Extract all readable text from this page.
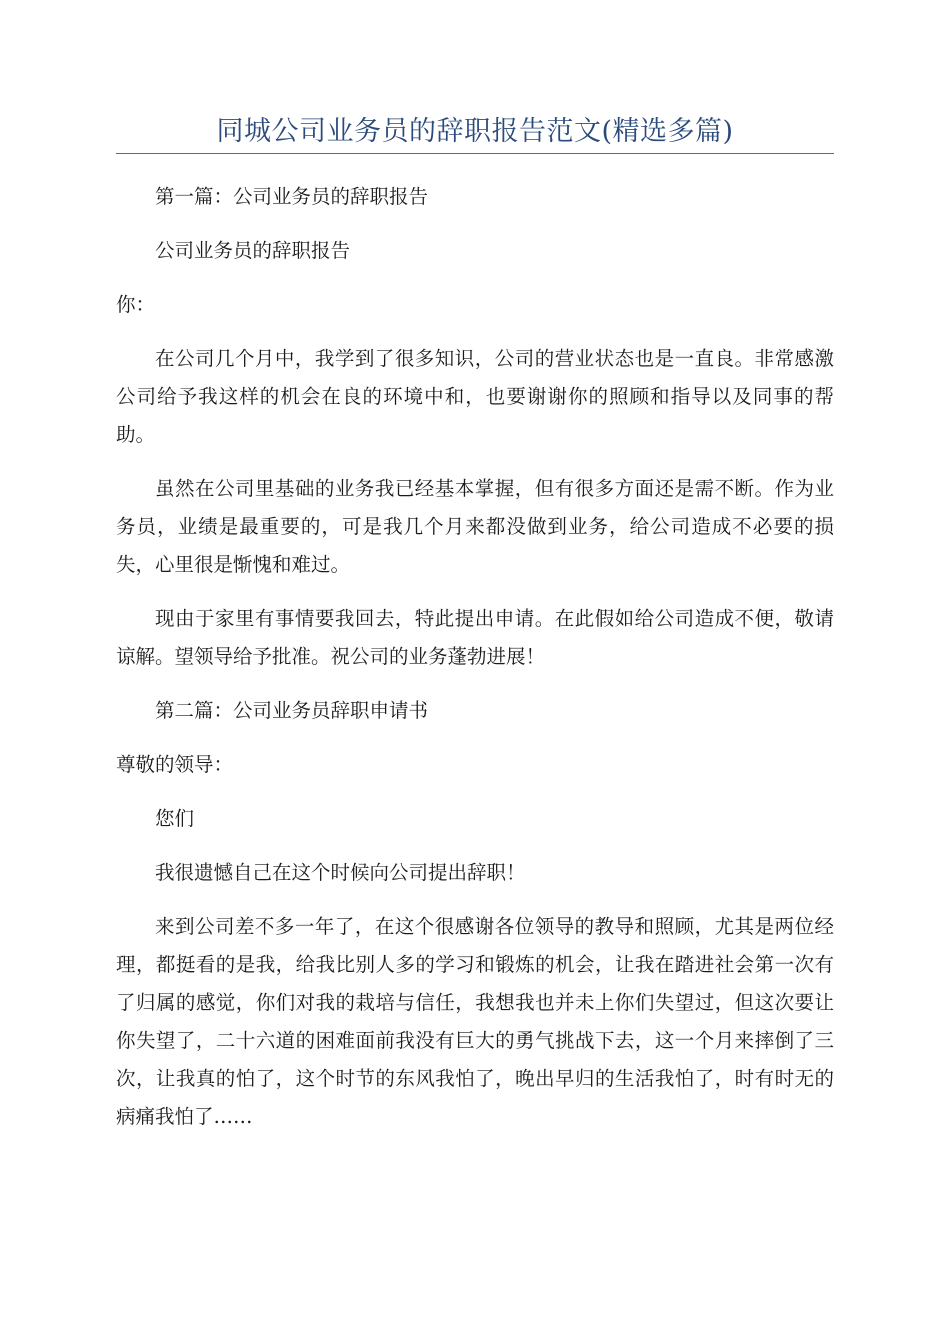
同城公司业务员的辞职报告范文(精选多篇)

第一篇：公司业务员的辞职报告

公司业务员的辞职报告

你：

在公司几个月中，我学到了很多知识，公司的营业状态也是一直良。非常感激公司给予我这样的机会在良的环境中和，也要谢谢你的照顾和指导以及同事的帮助。

虽然在公司里基础的业务我已经基本掌握，但有很多方面还是需不断。作为业务员，业绩是最重要的，可是我几个月来都没做到业务，给公司造成不必要的损失，心里很是惭愧和难过。

现由于家里有事情要我回去，特此提出申请。在此假如给公司造成不便，敬请谅解。望领导给予批准。祝公司的业务蓬勃进展！

第二篇：公司业务员辞职申请书

尊敬的领导：

您们

我很遗憾自己在这个时候向公司提出辞职！

来到公司差不多一年了，在这个很感谢各位领导的教导和照顾，尤其是两位经理，都挺看的是我，给我比别人多的学习和锻炼的机会，让我在踏进社会第一次有了归属的感觉，你们对我的栽培与信任，我想我也并未上你们失望过，但这次要让你失望了，二十六道的困难面前我没有巨大的勇气挑战下去，这一个月来摔倒了三次，让我真的怕了，这个时节的东风我怕了，晚出早归的生活我怕了，时有时无的病痛我怕了……
